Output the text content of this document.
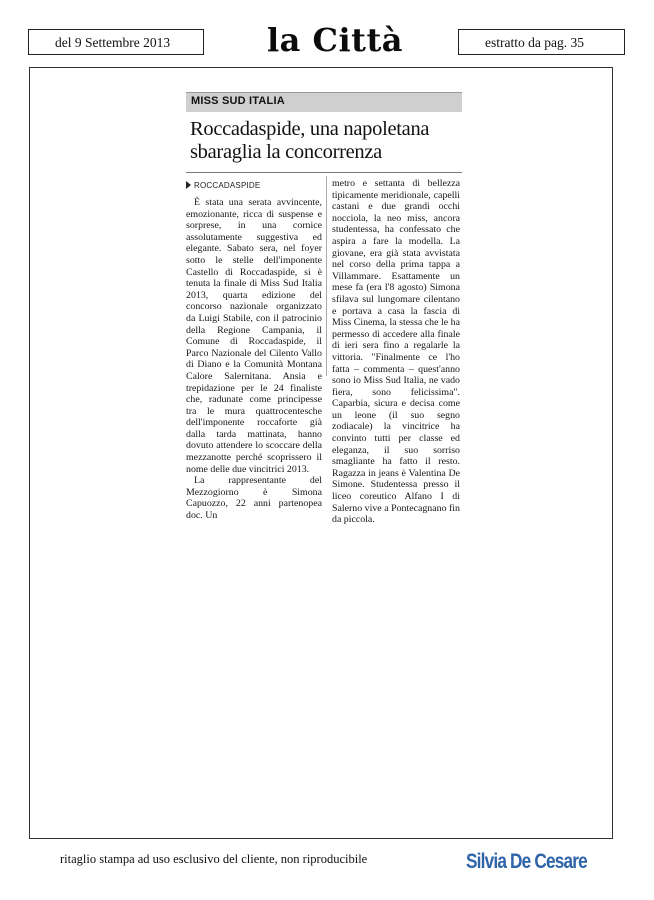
del 9 Settembre 2013	la Città	estratto da pag. 35
MISS SUD ITALIA
Roccadaspide, una napoletana sbaraglia la concorrenza
ROCCADASPIDE

È stata una serata avvincente, emozionante, ricca di suspense e sorprese, in una cornice assolutamente suggestiva ed elegante. Sabato sera, nel foyer sotto le stelle dell'imponente Castello di Roccadaspide, si è tenuta la finale di Miss Sud Italia 2013, quarta edizione del concorso nazionale organizzato da Luigi Stabile, con il patrocinio della Regione Campania, il Comune di Roccadaspide, il Parco Nazionale del Cilento Vallo di Diano e la Comunità Montana Calore Salernitana. Ansia e trepidazione per le 24 finaliste che, radunate come principesse tra le mura quattrocentesche dell'imponente roccaforte già dalla tarda mattinata, hanno dovuto attendere lo scoccare della mezzanotte perché scoprissero il nome delle due vincitrici 2013.

La rappresentante del Mezzogiorno è Simona Capuozzo, 22 anni partenopea doc. Un

metro e settanta di bellezza tipicamente meridionale, capelli castani e due grandi occhi nocciola, la neo miss, ancora studentessa, ha confessato che aspira a fare la modella. La giovane, era già stata avvistata nel corso della prima tappa a Villammare. Esattamente un mese fa (era l'8 agosto) Simona sfilava sul lungomare cilentano e portava a casa la fascia di Miss Cinema, la stessa che le ha permesso di accedere alla finale di ieri sera fino a regalarle la vittoria. "Finalmente ce l'ho fatta – commenta – quest'anno sono io Miss Sud Italia, ne vado fiera, sono felicissima". Caparbia, sicura e decisa come un leone (il suo segno zodiacale) la vincitrice ha convinto tutti per classe ed eleganza, il suo sorriso smagliante ha fatto il resto. Ragazza in jeans è Valentina De Simone. Studentessa presso il liceo coreutico Alfano I di Salerno vive a Pontecagnano fin da piccola.

ritaglio stampa ad uso esclusivo del cliente, non riproducibile	Silvia De Cesare
